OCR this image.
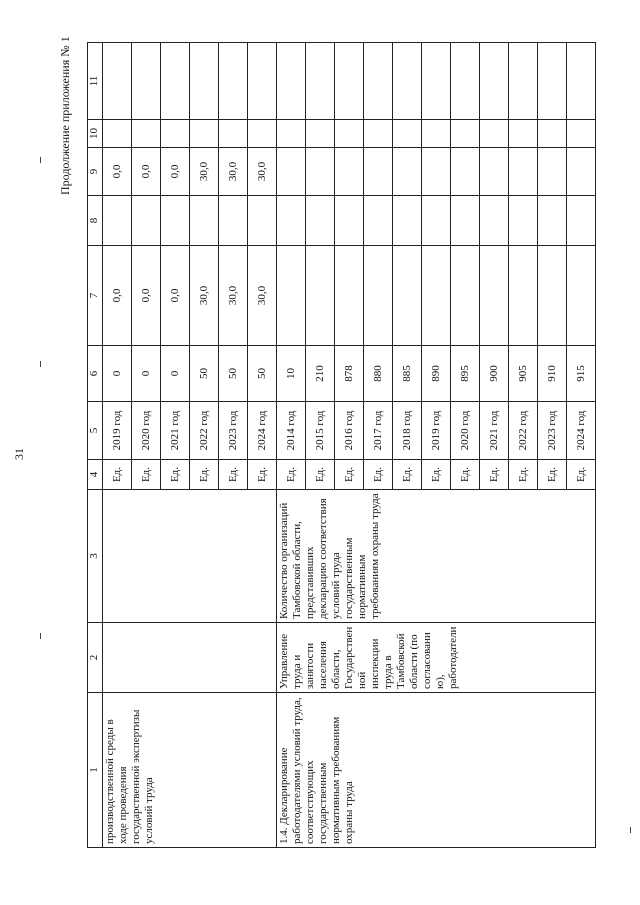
31
Продолжение приложения № 1
1	2	3	4	5	6	7	8	9	10	11
производственной среды в ходе проведения государственной экспертизы условий труда			Ед.	2019 год	0	0,0		0,0		
			Ед.	2020 год	0	0,0		0,0		
			Ед.	2021 год	0	0,0		0,0		
			Ед.	2022 год	50	30,0		30,0		
			Ед.	2023 год	50	30,0		30,0		
			Ед.	2024 год	50	30,0		30,0		
1.4. Декларирование работодателями условий труда, соответствующих государственным нормативным требованиям охраны труда	Управление труда и занятости населения области, Государственной инспекции труда в Тамбовской области (по согласованию), работодатели	Количество организаций Тамбовской области, представивших декларацию соответствия условий труда государственным нормативным требованиям охраны труда	Ед.	2014 год	10					
			Ед.	2015 год	210					
			Ед.	2016 год	878					
			Ед.	2017 год	880					
			Ед.	2018 год	885					
			Ед.	2019 год	890					
			Ед.	2020 год	895					
			Ед.	2021 год	900					
			Ед.	2022 год	905					
			Ед.	2023 год	910					
			Ед.	2024 год	915					
